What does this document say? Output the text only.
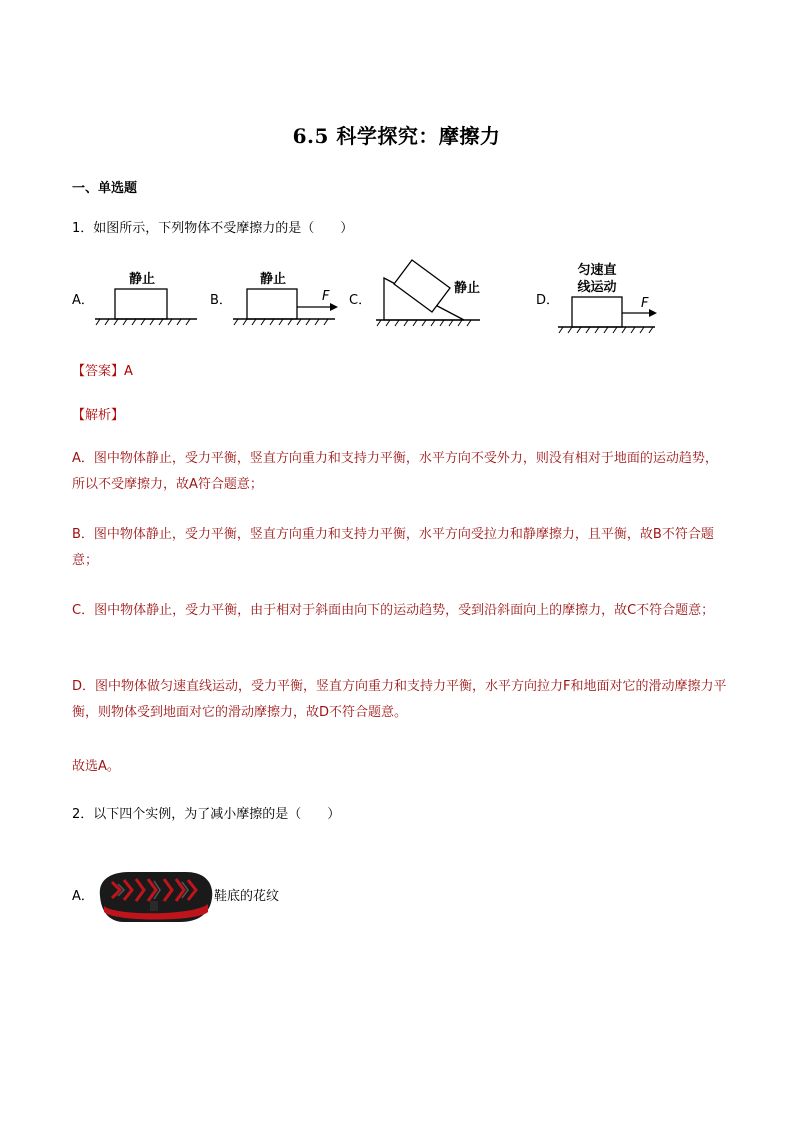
6.5 科学探究：摩擦力
一、单选题
1．如图所示，下列物体不受摩擦力的是（　　）
A．
静止
B．
静止
F C．
静止
D．
匀速直
线运动
F
【答案】A
【解析】
A．图中物体静止，受力平衡，竖直方向重力和支持力平衡，水平方向不受外力，则没有相对于地面的运动趋势，所以不受摩擦力，故A符合题意；
B．图中物体静止，受力平衡，竖直方向重力和支持力平衡，水平方向受拉力和静摩擦力，且平衡，故B不符合题意；
C．图中物体静止，受力平衡，由于相对于斜面由向下的运动趋势，受到沿斜面向上的摩擦力，故C不符合题意；
D．图中物体做匀速直线运动，受力平衡，竖直方向重力和支持力平衡，水平方向拉力F和地面对它的滑动摩擦力平衡，则物体受到地面对它的滑动摩擦力，故D不符合题意。
故选A。
2．以下四个实例，为了减小摩擦的是（　　）
A．	鞋底的花纹
